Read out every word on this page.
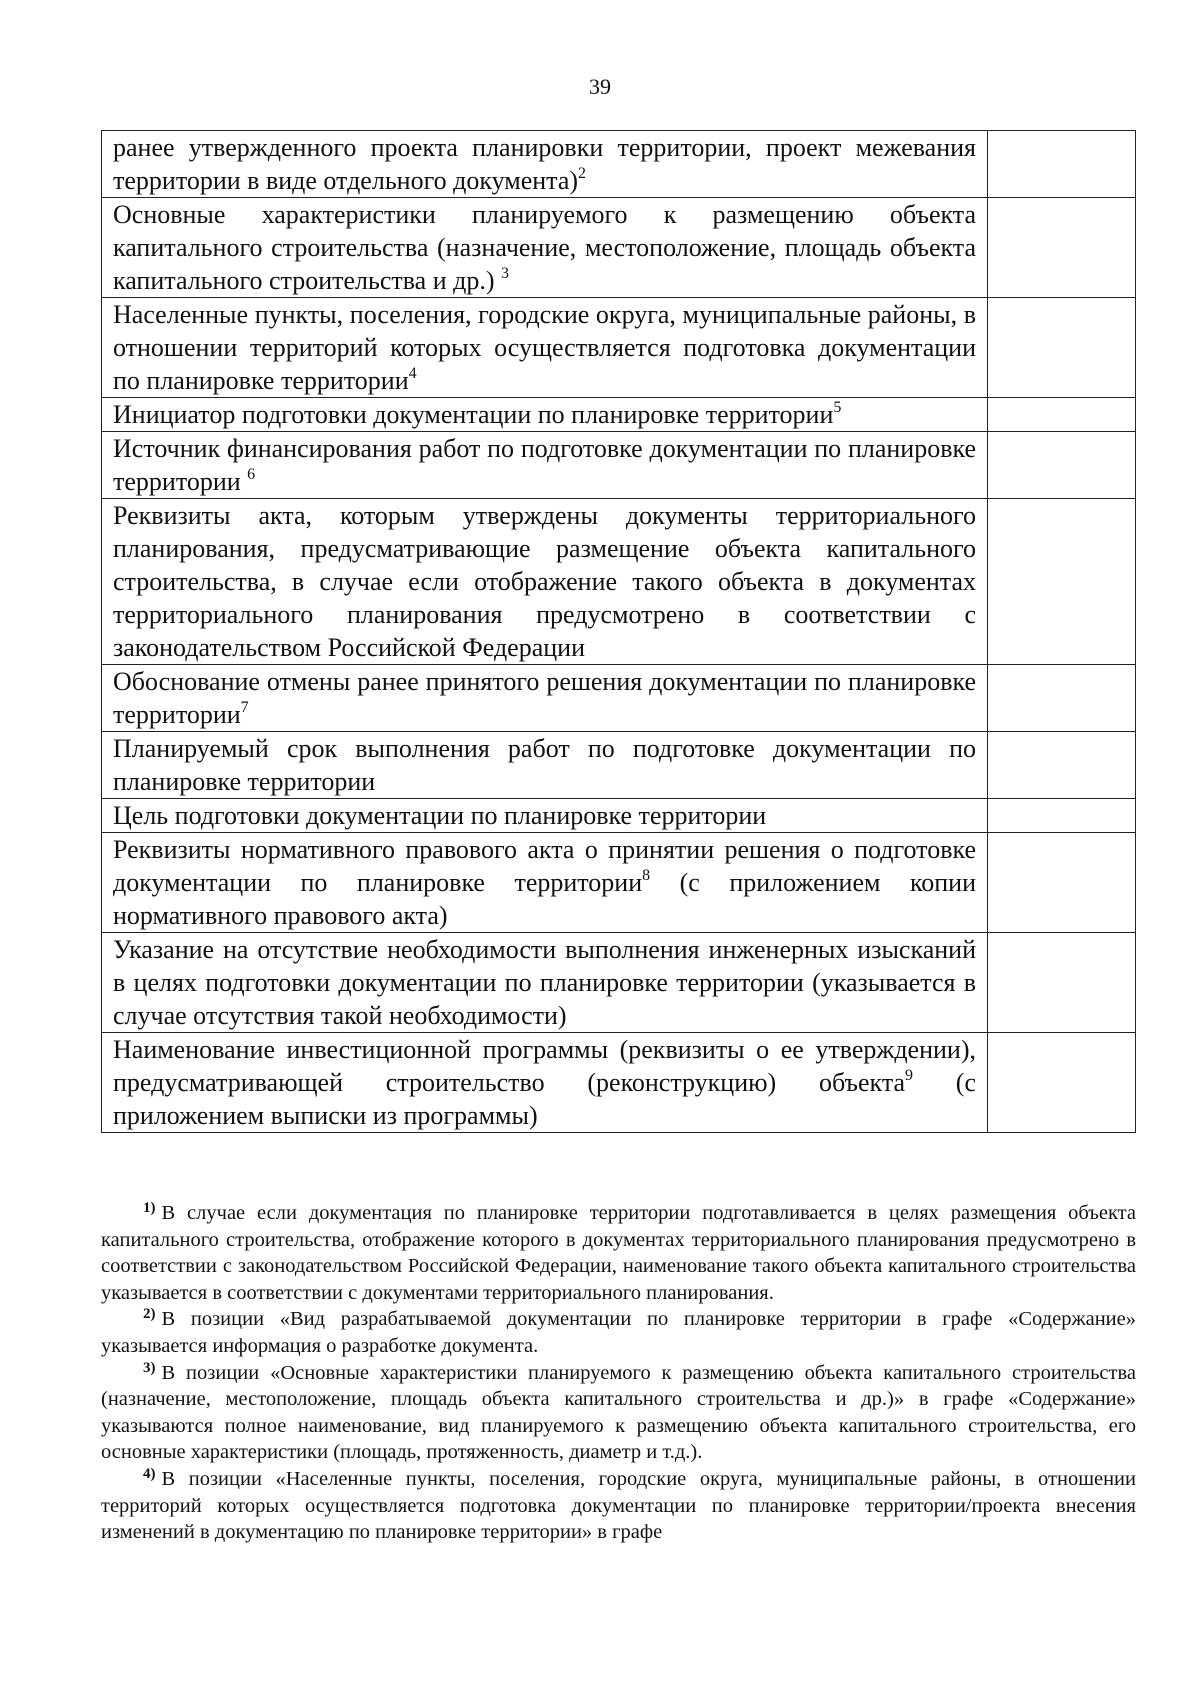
39
ранее утвержденного проекта планировки территории, проект межевания территории в виде отдельного документа)$^2$	
Основные характеристики планируемого к размещению объекта капитального строительства (назначение, местоположение, площадь объекта капитального строительства и др.) $^3$	
Населенные пункты, поселения, городские округа, муниципальные районы, в отношении территорий которых осуществляется подготовка документации по планировке территории$^4$	
Инициатор подготовки документации по планировке территории$^5$	
Источник финансирования работ по подготовке документации по планировке территории $^6$	
Реквизиты акта, которым утверждены документы территориального планирования, предусматривающие размещение объекта капитального строительства, в случае если отображение такого объекта в документах территориального планирования предусмотрено в соответствии с законодательством Российской Федерации	
Обоснование отмены ранее принятого решения документации по планировке территории$^7$	
Планируемый срок выполнения работ по подготовке документации по планировке территории	
Цель подготовки документации по планировке территории	
Реквизиты нормативного правового акта о принятии решения о подготовке документации по планировке территории$^8$ (с приложением копии нормативного правового акта)	
Указание на отсутствие необходимости выполнения инженерных изысканий в целях подготовки документации по планировке территории (указывается в случае отсутствия такой необходимости)	
Наименование инвестиционной программы (реквизиты о ее утверждении), предусматривающей строительство (реконструкцию) объекта$^9$ (с приложением выписки из программы)	

$^{1)}$ В случае если документация по планировке территории подготавливается в целях размещения объекта капитального строительства, отображение которого в документах территориального планирования предусмотрено в соответствии с законодательством Российской Федерации, наименование такого объекта капитального строительства указывается в соответствии с документами территориального планирования.

$^{2)}$ В позиции «Вид разрабатываемой документации по планировке территории в графе «Содержание» указывается информация о разработке документа.

$^{3)}$ В позиции «Основные характеристики планируемого к размещению объекта капитального строительства (назначение, местоположение, площадь объекта капитального строительства и др.)» в графе «Содержание» указываются полное наименование, вид планируемого к размещению объекта капитального строительства, его основные характеристики (площадь, протяженность, диаметр и т.д.).

$^{4)}$ В позиции «Населенные пункты, поселения, городские округа, муниципальные районы, в отношении территорий которых осуществляется подготовка документации по планировке территории/проекта внесения изменений в документацию по планировке территории» в графе
